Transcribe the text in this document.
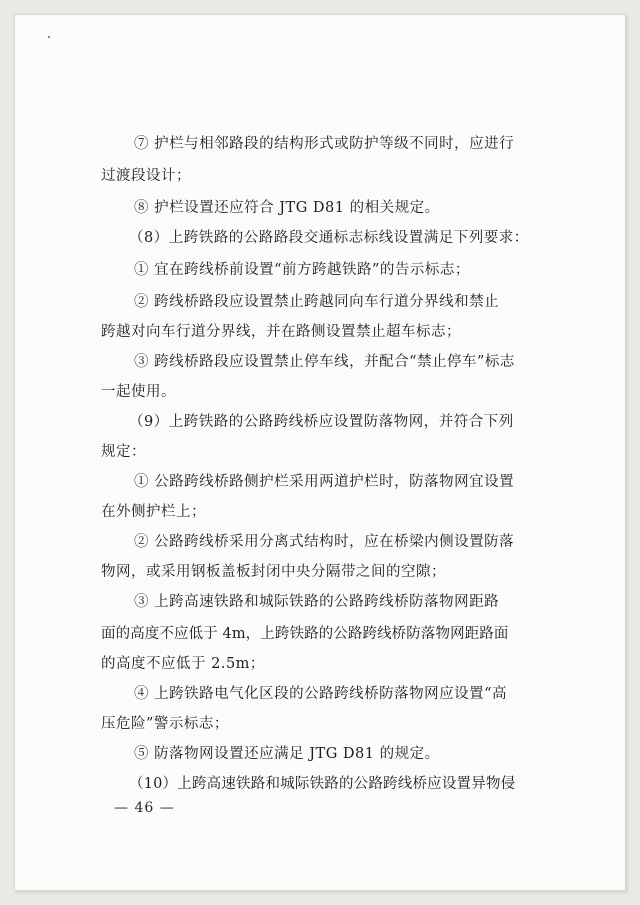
⑦ 护栏与相邻路段的结构形式或防护等级不同时，应进行
过渡段设计；
⑧ 护栏设置还应符合 JTG D81 的相关规定。
（8）上跨铁路的公路路段交通标志标线设置满足下列要求：
① 宜在跨线桥前设置“前方跨越铁路”的告示标志；
② 跨线桥路段应设置禁止跨越同向车行道分界线和禁止
跨越对向车行道分界线，并在路侧设置禁止超车标志；
③ 跨线桥路段应设置禁止停车线，并配合“禁止停车”标志
一起使用。
（9）上跨铁路的公路跨线桥应设置防落物网，并符合下列
规定：
① 公路跨线桥路侧护栏采用两道护栏时，防落物网宜设置
在外侧护栏上；
② 公路跨线桥采用分离式结构时，应在桥梁内侧设置防落
物网，或采用钢板盖板封闭中央分隔带之间的空隙；
③ 上跨高速铁路和城际铁路的公路跨线桥防落物网距路
面的高度不应低于 4m，上跨铁路的公路跨线桥防落物网距路面
的高度不应低于 2.5m；
④ 上跨铁路电气化区段的公路跨线桥防落物网应设置“高
压危险”警示标志；
⑤ 防落物网设置还应满足 JTG D81 的规定。
（10）上跨高速铁路和城际铁路的公路跨线桥应设置异物侵
— 46 —
